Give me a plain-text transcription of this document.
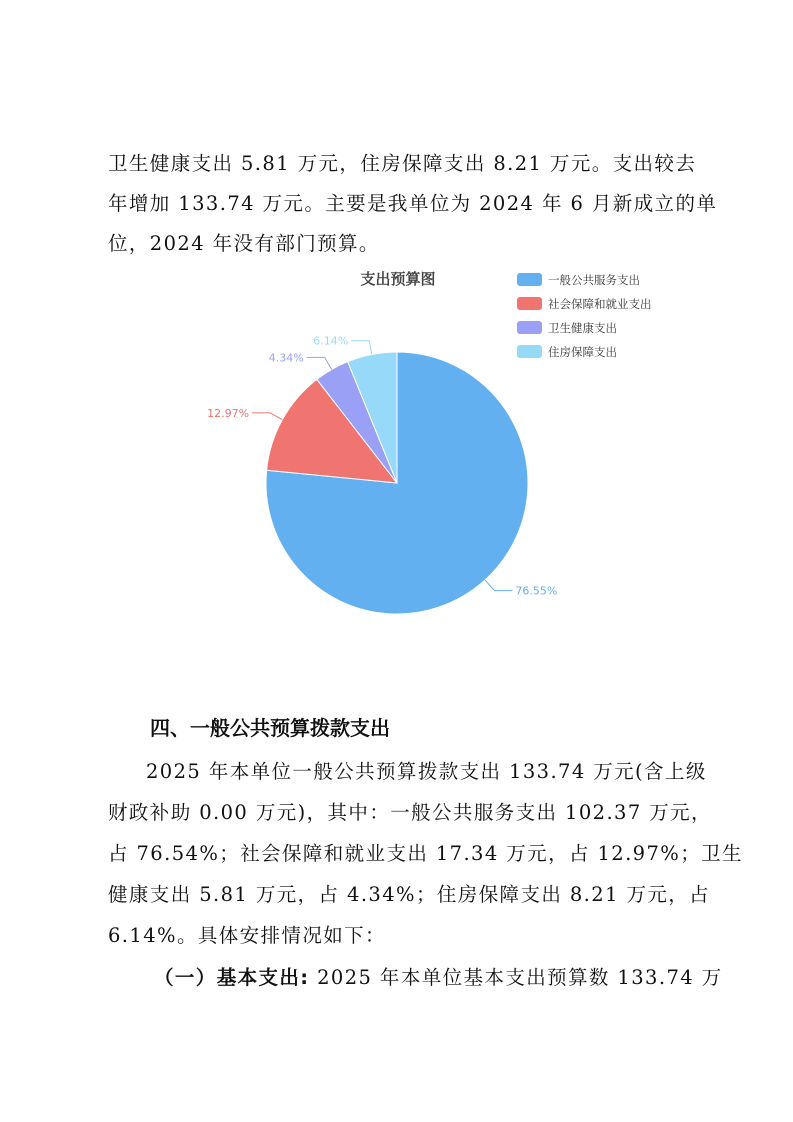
卫生健康支出 5.81 万元，住房保障支出 8.21 万元。支出较去
年增加 133.74 万元。主要是我单位为 2024 年 6 月新成立的单
位，2024 年没有部门预算。
支出预算图
76.55%
12.97%
4.34%
6.14%
一般公共服务支出
社会保障和就业支出
卫生健康支出
住房保障支出
四、一般公共预算拨款支出
2025 年本单位一般公共预算拨款支出 133.74 万元(含上级
财政补助 0.00 万元)，其中：一般公共服务支出 102.37 万元，
占 76.54%；社会保障和就业支出 17.34 万元，占 12.97%；卫生
健康支出 5.81 万元，占 4.34%；住房保障支出 8.21 万元，占
6.14%。具体安排情况如下：
（一）基本支出: 2025 年本单位基本支出预算数 133.74 万
